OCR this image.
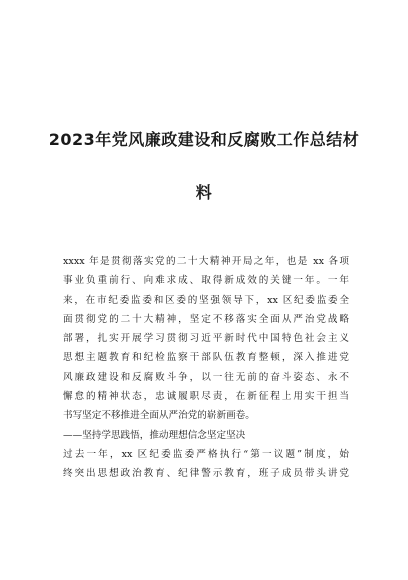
2023年党风廉政建设和反腐败工作总结材
料
xxxx 年是贯彻落实党的二十大精神开局之年，也是 xx 各项
事业负重前行、向难求成、取得新成效的关键一年。一年
来，在市纪委监委和区委的坚强领导下，xx 区纪委监委全
面贯彻党的二十大精神，坚定不移落实全面从严治党战略
部署，扎实开展学习贯彻习近平新时代中国特色社会主义
思想主题教育和纪检监察干部队伍教育整顿，深入推进党
风廉政建设和反腐败斗争，以一往无前的奋斗姿态、永不
懈怠的精神状态，忠诚履职尽责，在新征程上用实干担当
书写坚定不移推进全面从严治党的崭新画卷。
——坚持学思践悟，推动理想信念坚定坚决
过去一年，xx 区纪委监委严格执行“第一议题”制度，始
终突出思想政治教育、纪律警示教育，班子成员带头讲党
